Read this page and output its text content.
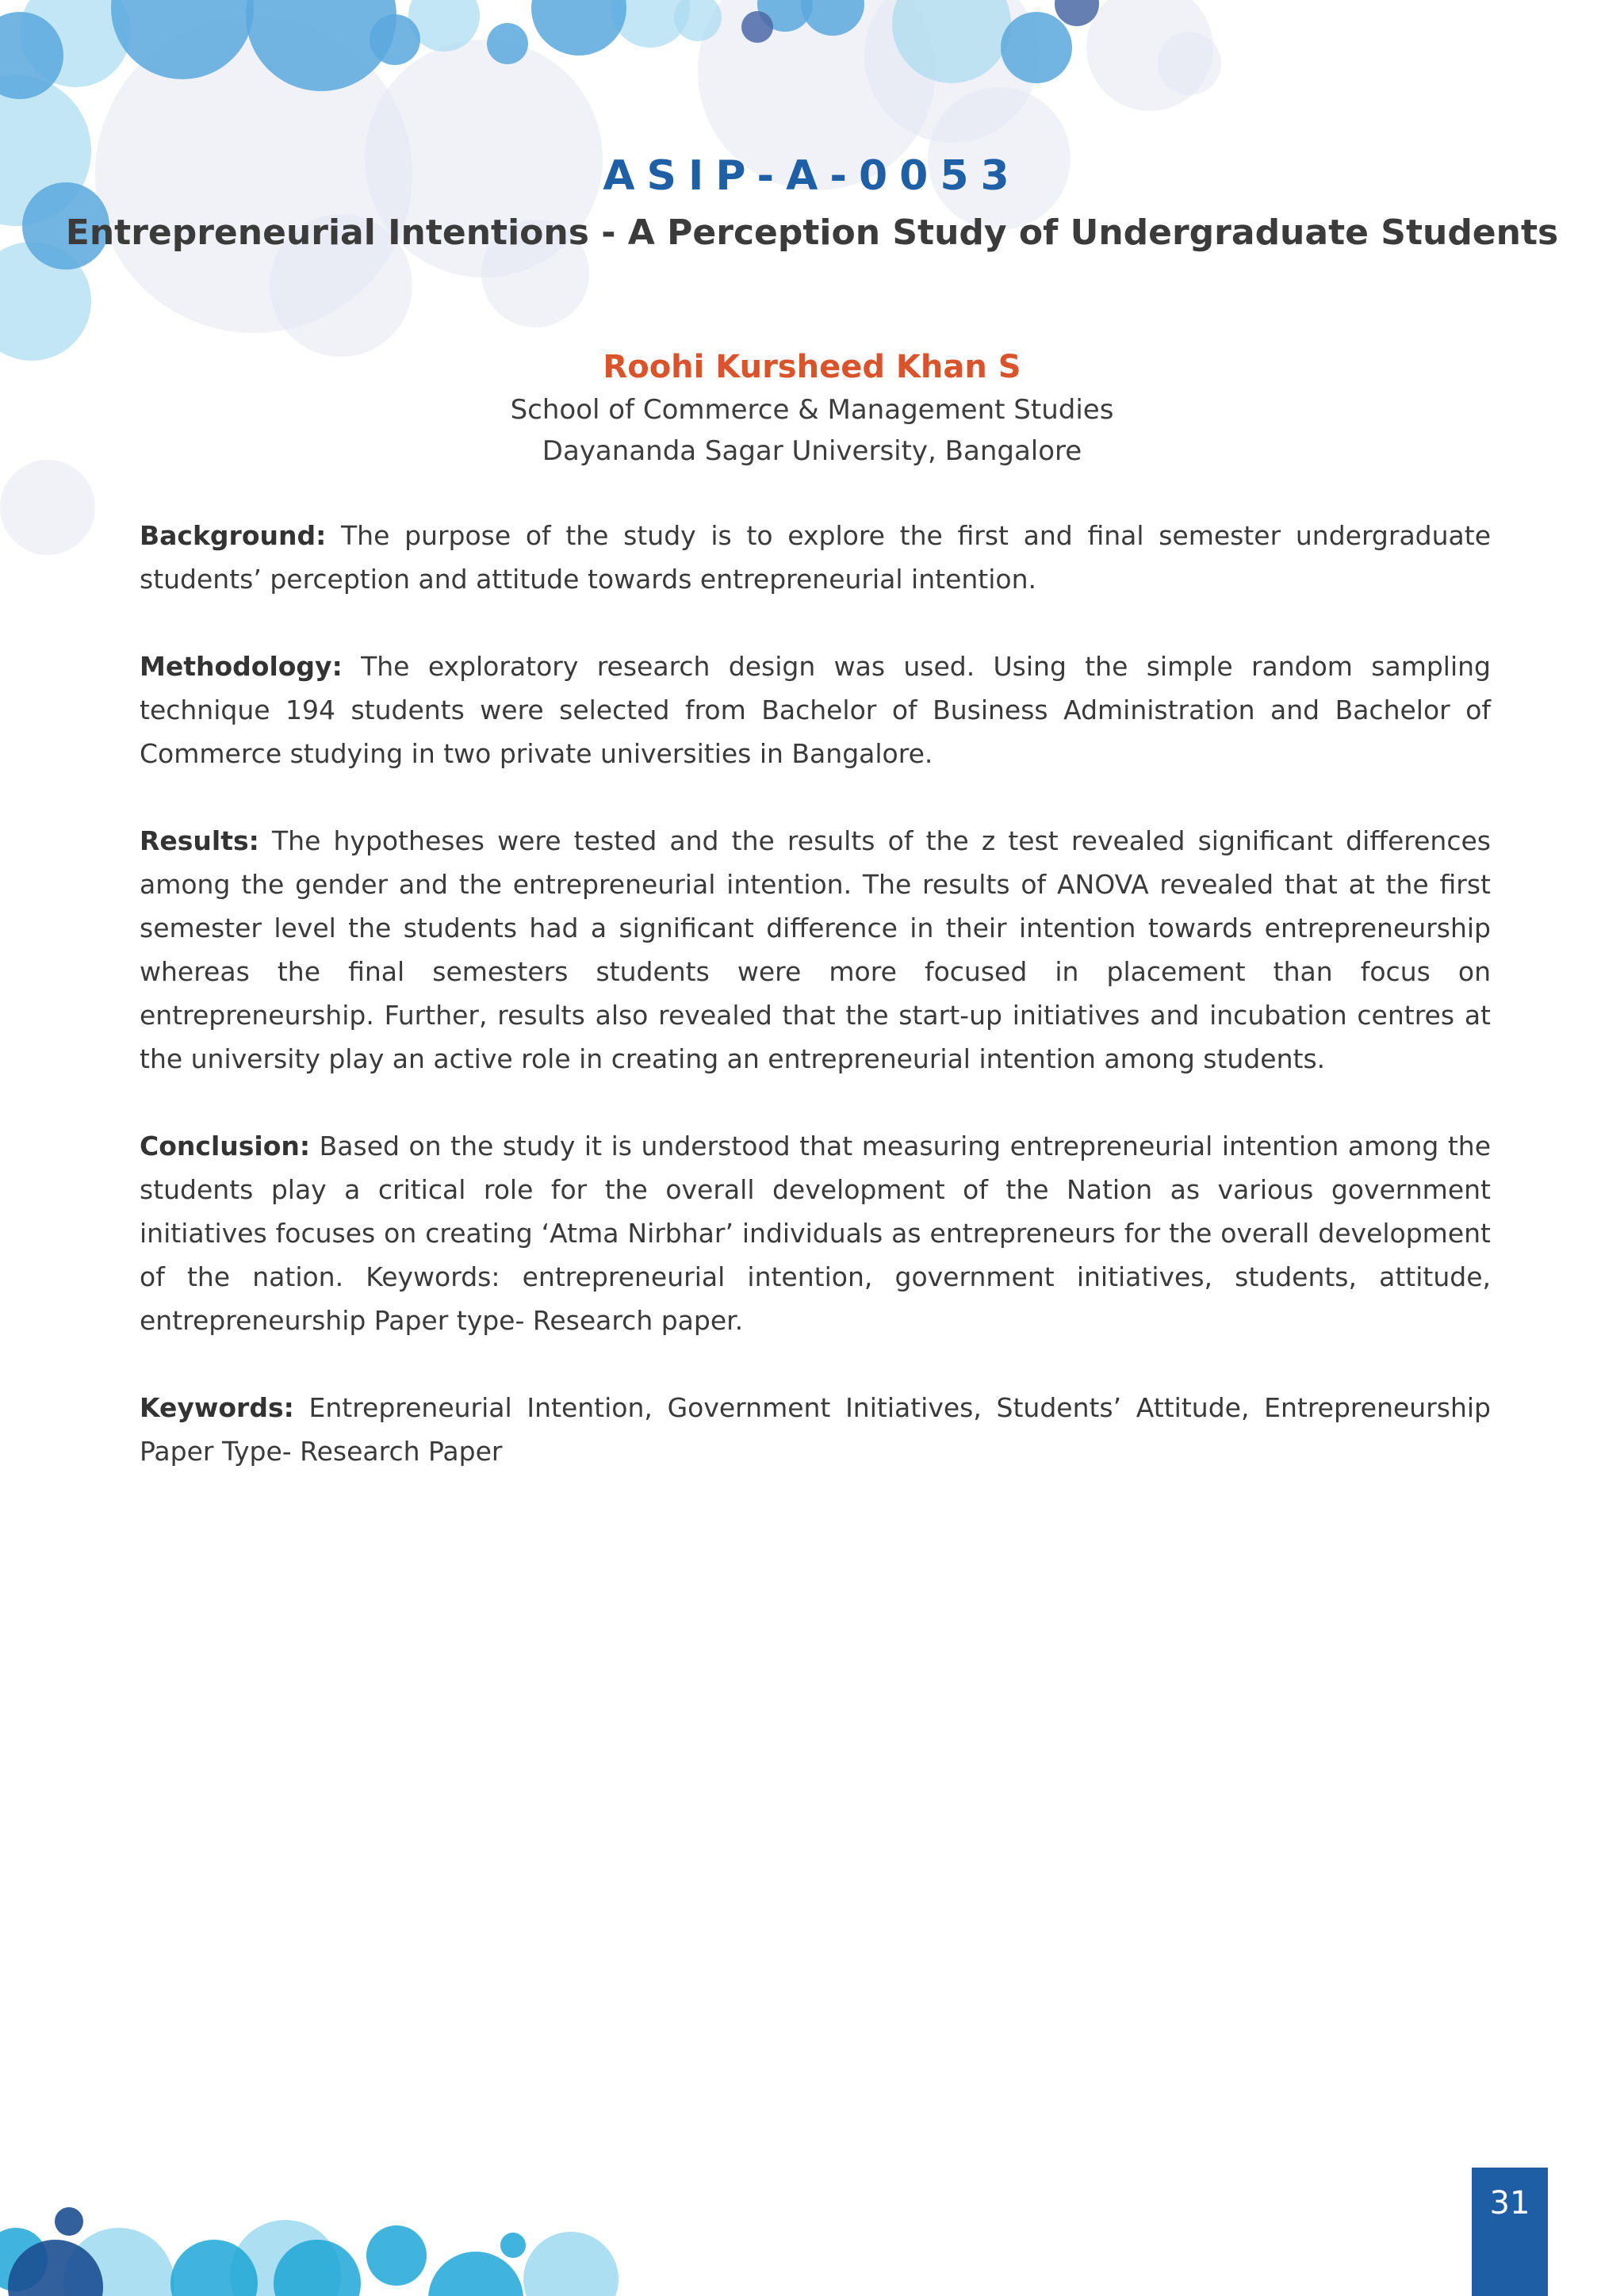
ASIP-A-0053
Entrepreneurial Intentions - A Perception Study of Undergraduate Students
Roohi Kursheed Khan S
School of Commerce & Management Studies
Dayananda Sagar University, Bangalore

Background: The purpose of the study is to explore the first and final semester undergraduate students’ perception and attitude towards entrepreneurial intention.

Methodology: The exploratory research design was used. Using the simple random sampling technique 194 students were selected from Bachelor of Business Administration and Bachelor of Commerce studying in two private universities in Bangalore.

Results: The hypotheses were tested and the results of the z test revealed significant differences among the gender and the entrepreneurial intention. The results of ANOVA revealed that at the first semester level the students had a significant difference in their intention towards entrepreneurship whereas the final semesters students were more focused in placement than focus on entrepreneurship. Further, results also revealed that the start-up initiatives and incubation centres at the university play an active role in creating an entrepreneurial intention among students.

Conclusion: Based on the study it is understood that measuring entrepreneurial intention among the students play a critical role for the overall development of the Nation as various government initiatives focuses on creating ‘Atma Nirbhar’ individuals as entrepreneurs for the overall development of the nation. Keywords: entrepreneurial intention, government initiatives, students, attitude, entrepreneurship Paper type- Research paper.

Keywords: Entrepreneurial Intention, Government Initiatives, Students’ Attitude, Entrepreneurship Paper Type- Research Paper

31
